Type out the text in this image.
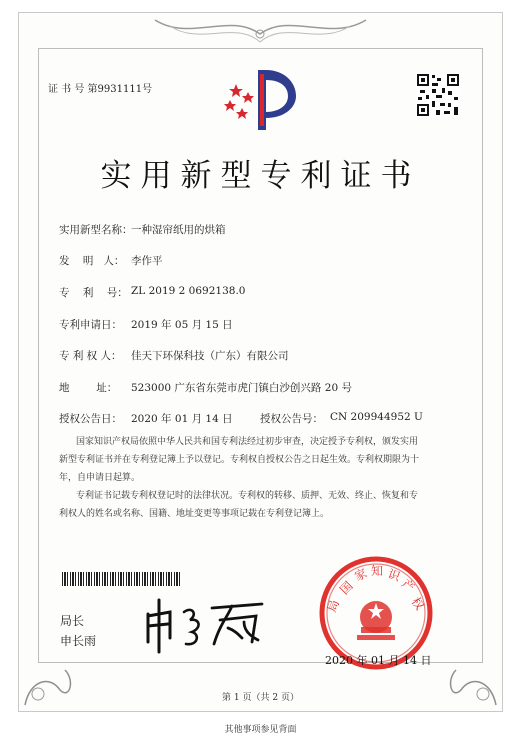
证 书 号 第9931111号
实用新型专利证书
实用新型名称：
一种湿帘纸用的烘箱
发    明   人： 李作平
专    利    号： ZL 2019 2 0692138.0
专利申请日： 2019 年 05 月 15 日
专 利 权 人： 佳天下环保科技（广东）有限公司
地        址： 523000 广东省东莞市虎门镇白沙创兴路 20 号
授权公告日： 2020 年 01 月 14 日	授权公告号： CN 209944952 U
国家知识产权局依照中华人民共和国专利法经过初步审查，决定授予专利权，颁发实用
新型专利证书并在专利登记簿上予以登记。专利权自授权公告之日起生效。专利权期限为十
年，自申请日起算。
专利证书记载专利权登记时的法律状况。专利权的转移、质押、无效、终止、恢复和专
利权人的姓名或名称、国籍、地址变更等事项记载在专利登记簿上。
局长
申长雨
国
家 知 识
产
权
局
2020 年 01 月 14 日
第 1 页（共 2 页）
其他事项参见背面
